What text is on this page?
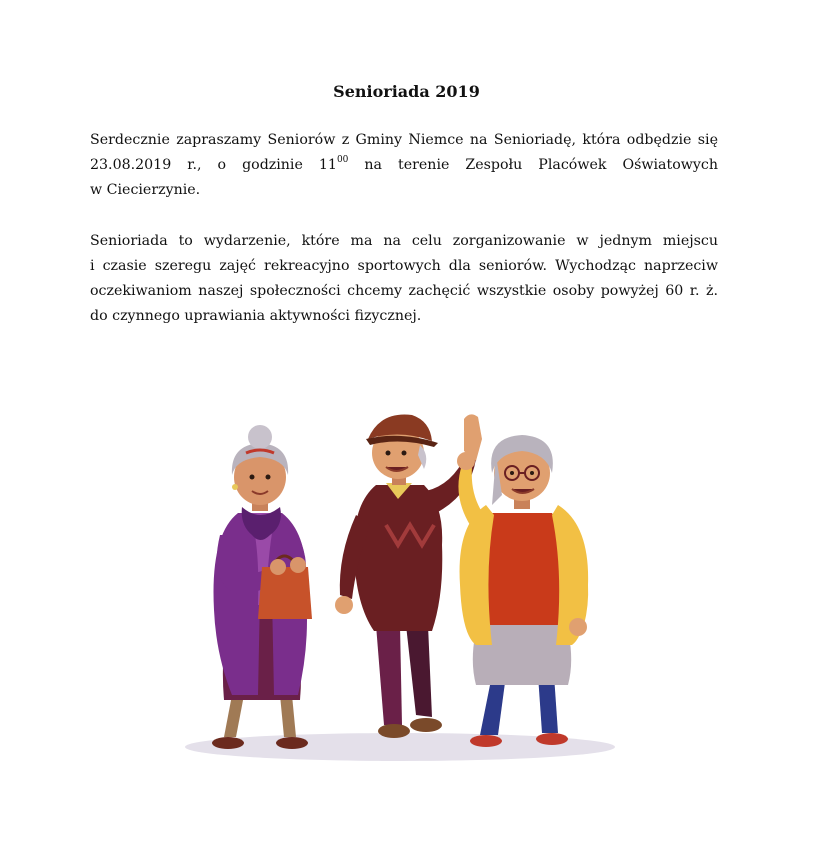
Senioriada 2019
Serdecznie zapraszamy Seniorów z Gminy Niemce na Senioriadę, która odbędzie się
23.08.2019 r., o godzinie $11^{00}$ na terenie Zespołu Placówek Oświatowych
w Ciecierzynie.
Senioriada to wydarzenie, które ma na celu zorganizowanie w jednym miejscu
i czasie szeregu zajęć rekreacyjno sportowych dla seniorów. Wychodząc naprzeciw
oczekiwaniom naszej społeczności chcemy zachęcić wszystkie osoby powyżej 60 r. ż.
do czynnego uprawiania aktywności fizycznej.
